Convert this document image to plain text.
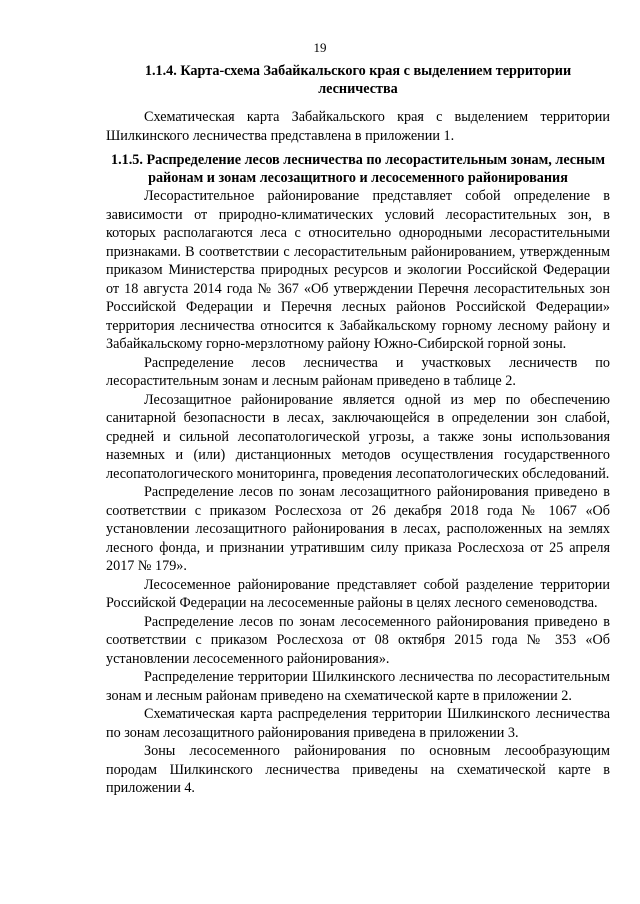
19
1.1.4. Карта-схема Забайкальского края с выделением территории лесничества

Схематическая карта Забайкальского края с выделением территории Шилкинского лесничества представлена в приложении 1.

1.1.5. Распределение лесов лесничества по лесорастительным зонам, лесным районам и зонам лесозащитного и лесосеменного районирования

Лесорастительное районирование представляет собой определение в зависимости от природно-климатических условий лесорастительных зон, в которых располагаются леса с относительно однородными лесорастительными признаками. В соответствии с лесорастительным районированием, утвержденным приказом Министерства природных ресурсов и экологии Российской Федерации от 18 августа 2014 года № 367 «Об утверждении Перечня лесорастительных зон Российской Федерации и Перечня лесных районов Российской Федерации» территория лесничества относится к Забайкальскому горному лесному району и Забайкальскому горно-мерзлотному району Южно-Сибирской горной зоны.

Распределение лесов лесничества и участковых лесничеств по лесорастительным зонам и лесным районам приведено в таблице 2.

Лесозащитное районирование является одной из мер по обеспечению санитарной безопасности в лесах, заключающейся в определении зон слабой, средней и сильной лесопатологической угрозы, а также зоны использования наземных и (или) дистанционных методов осуществления государственного лесопатологического мониторинга, проведения лесопатологических обследований.

Распределение лесов по зонам лесозащитного районирования приведено в соответствии с приказом Рослесхоза от 26 декабря 2018 года № 1067 «Об установлении лесозащитного районирования в лесах, расположенных на землях лесного фонда, и признании утратившим силу приказа Рослесхоза от 25 апреля 2017 № 179».

Лесосеменное районирование представляет собой разделение территории Российской Федерации на лесосеменные районы в целях лесного семеноводства.

Распределение лесов по зонам лесосеменного районирования приведено в соответствии с приказом Рослесхоза от 08 октября 2015 года № 353 «Об установлении лесосеменного районирования».

Распределение территории Шилкинского лесничества по лесорастительным зонам и лесным районам приведено на схематической карте в приложении 2.

Схематическая карта распределения территории Шилкинского лесничества по зонам лесозащитного районирования приведена в приложении 3.

Зоны лесосеменного районирования по основным лесообразующим породам Шилкинского лесничества приведены на схематической карте в приложении 4.
